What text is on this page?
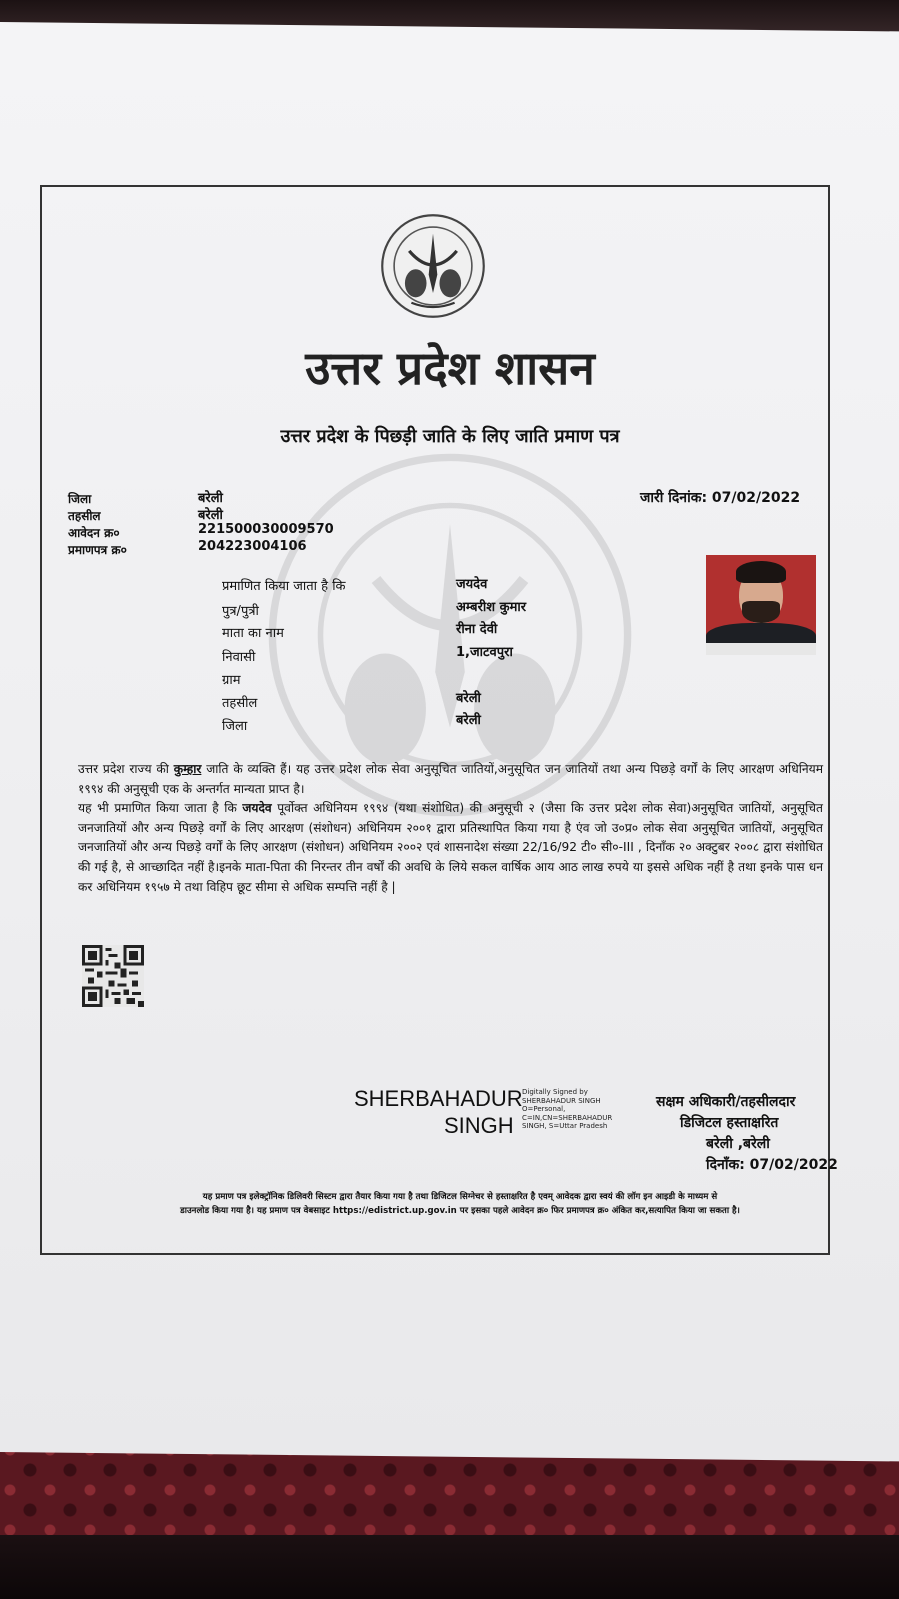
उत्तर प्रदेश शासन
उत्तर प्रदेश के पिछड़ी जाति के लिए जाति प्रमाण पत्र
जिला	बरेली
तहसील	बरेली
आवेदन क्र०	221500030009570
प्रमाणपत्र क्र०	204223004106
जारी दिनांक: 07/02/2022
प्रमाणित किया जाता है कि	जयदेव
पुत्र/पुत्री	अम्बरीश कुमार
माता का नाम	रीना देवी
निवासी	1,जाटवपुरा
ग्राम
तहसील	बरेली
जिला	बरेली

उत्तर प्रदेश राज्य की कुम्हार जाति के व्यक्ति हैं। यह उत्तर प्रदेश लोक सेवा अनुसूचित जातियों,अनुसूचित जन जातियों तथा अन्य पिछड़े वर्गों के लिए आरक्षण अधिनियम १९९४ की अनुसूची एक के अन्तर्गत मान्यता प्राप्त है।
यह भी प्रमाणित किया जाता है कि जयदेव पूर्वोक्त अधिनियम १९९४ (यथा संशोधित) की अनुसूची २ (जैसा कि उत्तर प्रदेश लोक सेवा)अनुसूचित जातियों, अनुसूचित जनजातियों और अन्य पिछड़े वर्गों के लिए आरक्षण (संशोधन) अधिनियम २००१ द्वारा प्रतिस्थापित किया गया है एंव जो उ०प्र० लोक सेवा अनुसूचित जातियों, अनुसूचित जनजातियों और अन्य पिछड़े वर्गों के लिए आरक्षण (संशोधन) अधिनियम २००२ एवं शासनादेश संख्या 22/16/92 टी० सी०-III , दिनाँक २० अक्टुबर २००८ द्वारा संशोधित की गई है, से आच्छादित नहीं है।इनके माता-पिता की निरन्तर तीन वर्षों की अवधि के लिये सकल वार्षिक आय आठ लाख रुपये या इससे अधिक नहीं है तथा इनके पास धन कर अधिनियम १९५७ मे तथा विहिप छूट सीमा से अधिक सम्पत्ति नहीं है |

SHERBAHADUR
SINGH
Digitally Signed by
SHERBAHADUR SINGH
O=Personal,
C=IN,CN=SHERBAHADUR
SINGH, S=Uttar Pradesh
सक्षम अधिकारी/तहसीलदार
डिजिटल हस्ताक्षरित
बरेली ,बरेली
दिनाँक: 07/02/2022

यह प्रमाण पत्र इलेक्ट्रॉनिक डिलिवरी सिस्टम द्वारा तैयार किया गया है तथा डिजिटल सिग्नेचर से हस्ताक्षरित है एवम् आवेदक द्वारा स्वयं की लॉग इन आइडी के माध्यम से
डाउनलोड किया गया है। यह प्रमाण पत्र वेबसाइट https://edistrict.up.gov.in पर इसका पहले आवेदन क्र० फिर प्रमाणपत्र क्र० अंकित कर,सत्यापित किया जा सकता है।
